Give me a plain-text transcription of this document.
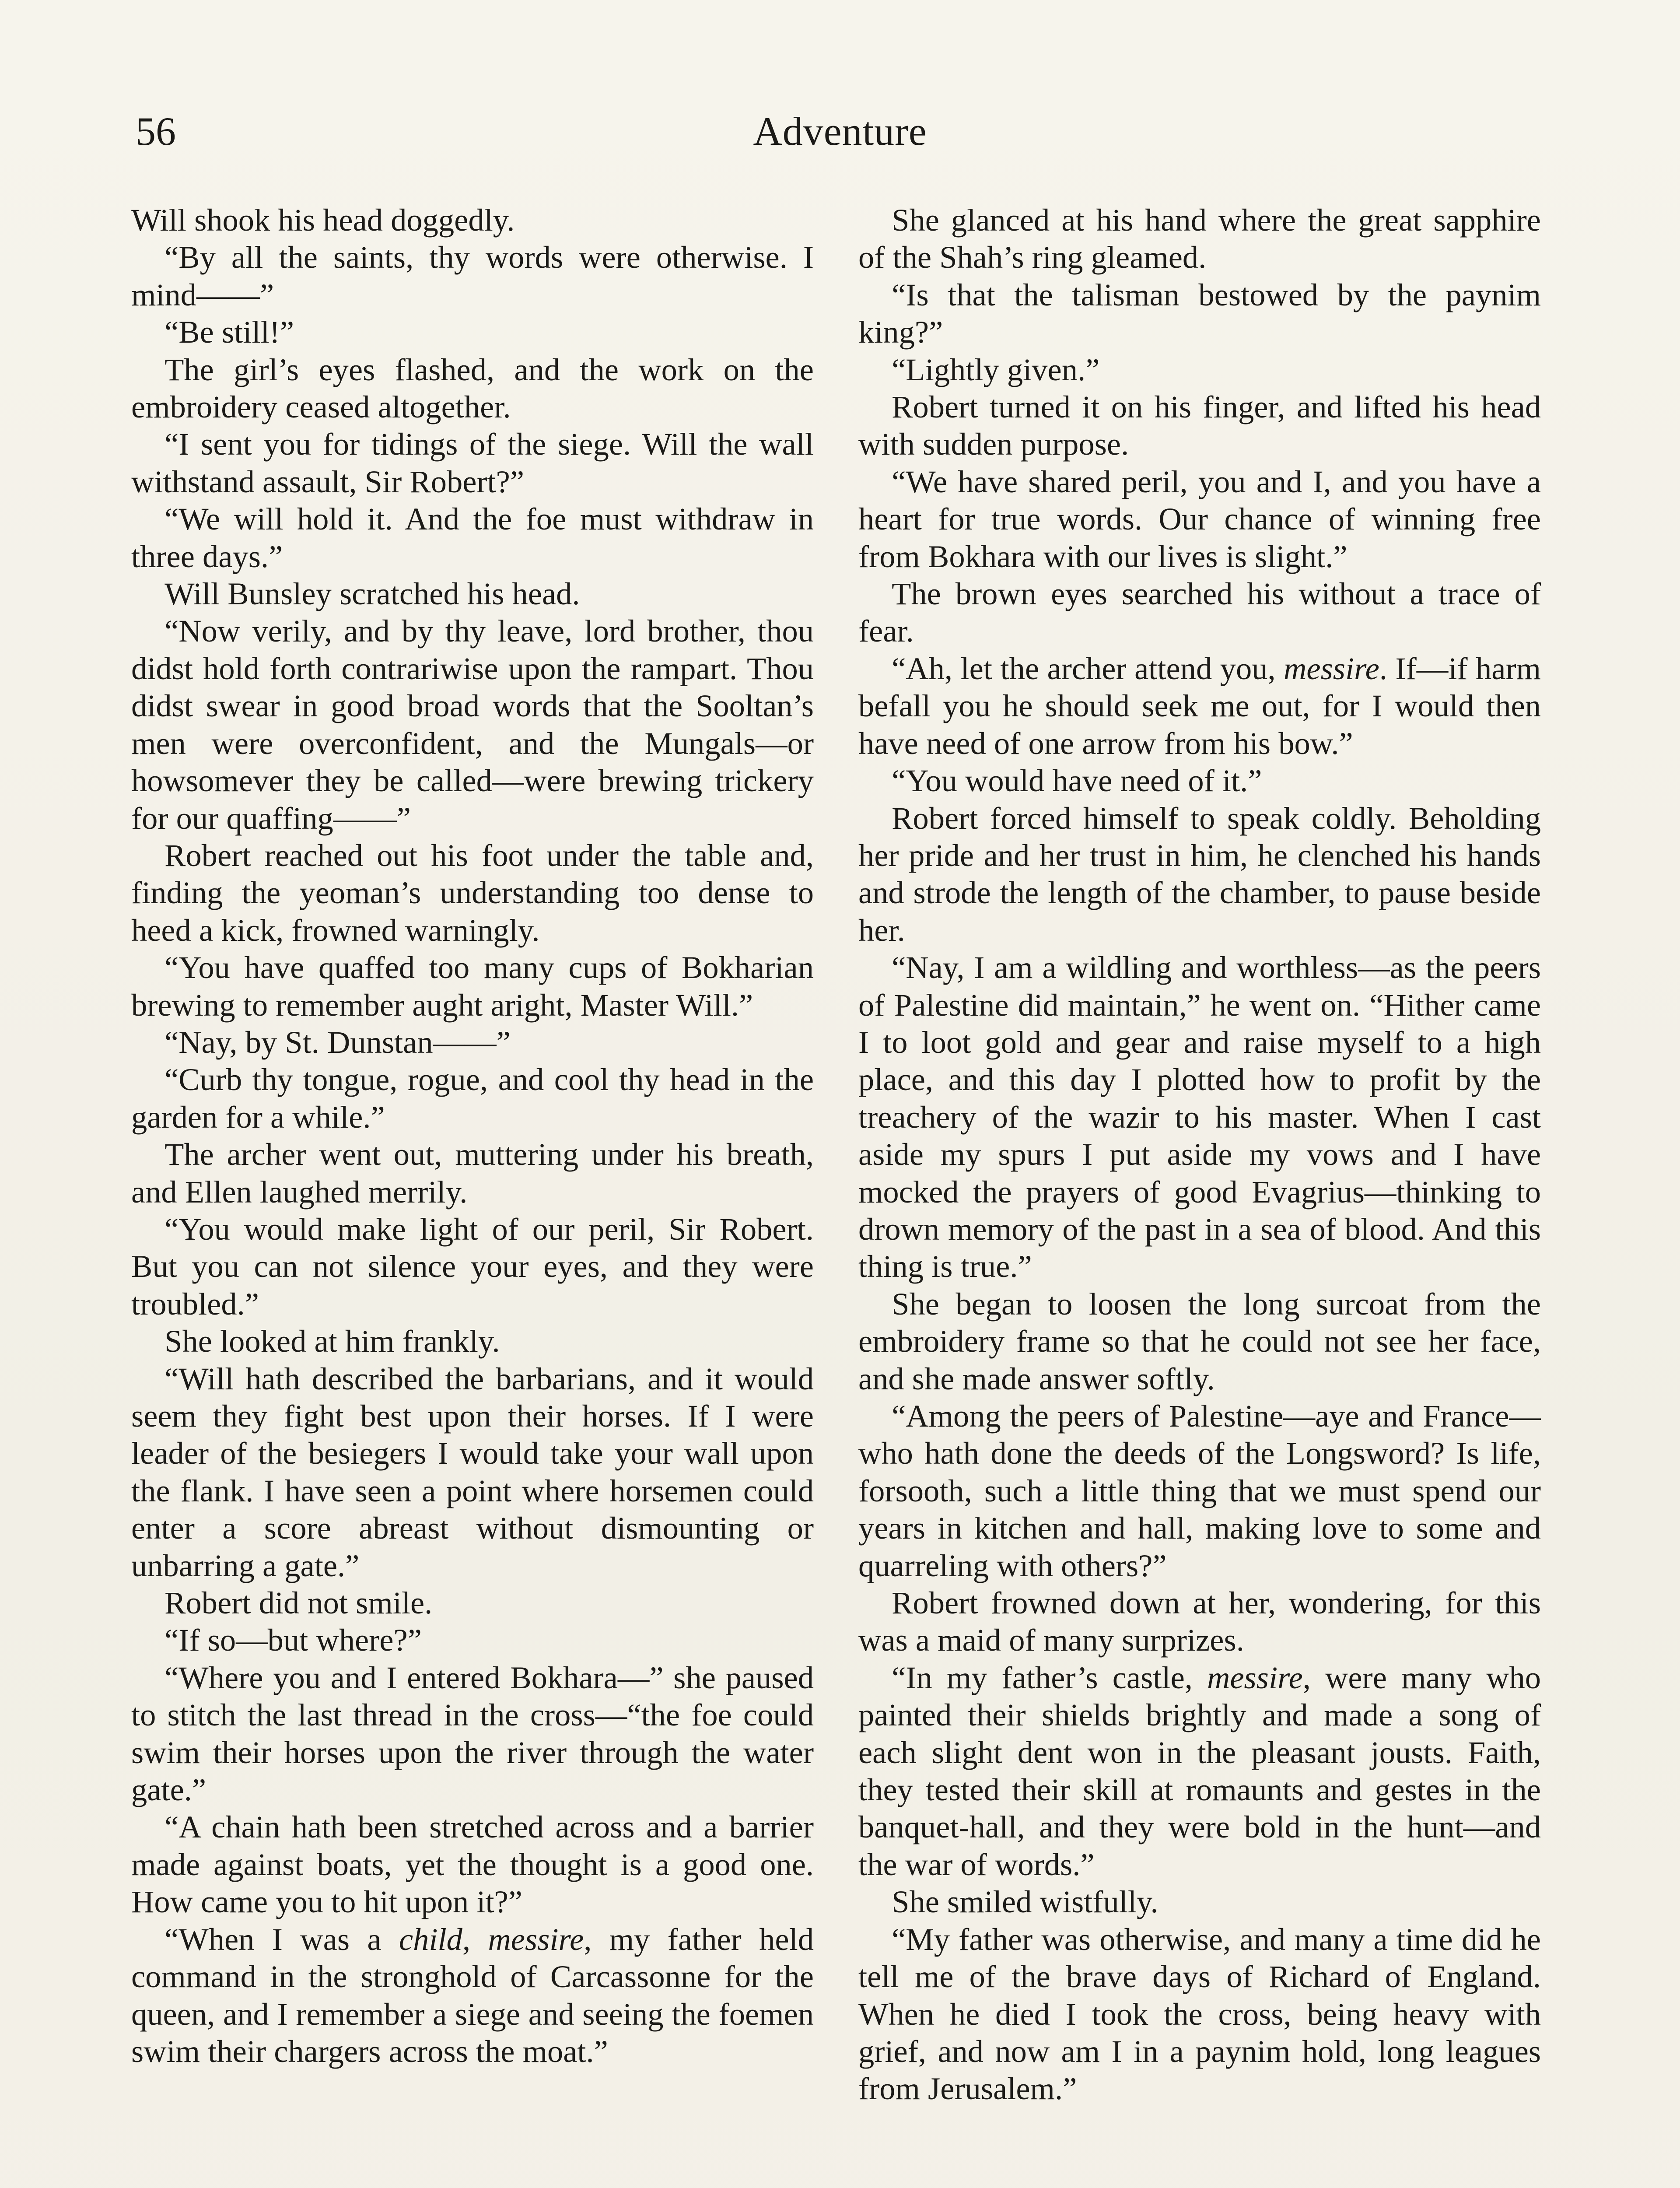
56	Adventure

Will shook his head doggedly.

“By all the saints, thy words were otherwise. I mind——”

“Be still!”

The girl’s eyes flashed, and the work on the embroidery ceased altogether.

“I sent you for tidings of the siege. Will the wall withstand assault, Sir Robert?”

“We will hold it. And the foe must withdraw in three days.”

Will Bunsley scratched his head.

“Now verily, and by thy leave, lord brother, thou didst hold forth contrariwise upon the rampart. Thou didst swear in good broad words that the Sooltan’s men were overconfident, and the Mungals—or howsomever they be called—were brewing trickery for our quaffing——”

Robert reached out his foot under the table and, finding the yeoman’s understanding too dense to heed a kick, frowned warningly.

“You have quaffed too many cups of Bokharian brewing to remember aught aright, Master Will.”

“Nay, by St. Dunstan——”

“Curb thy tongue, rogue, and cool thy head in the garden for a while.”

The archer went out, muttering under his breath, and Ellen laughed merrily.

“You would make light of our peril, Sir Robert. But you can not silence your eyes, and they were troubled.”

She looked at him frankly.

“Will hath described the barbarians, and it would seem they fight best upon their horses. If I were leader of the besiegers I would take your wall upon the flank. I have seen a point where horsemen could enter a score abreast without dismounting or unbarring a gate.”

Robert did not smile.

“If so—but where?”

“Where you and I entered Bokhara—” she paused to stitch the last thread in the cross—“the foe could swim their horses upon the river through the water gate.”

“A chain hath been stretched across and a barrier made against boats, yet the thought is a good one. How came you to hit upon it?”

“When I was a child, messire, my father held command in the stronghold of Carcassonne for the queen, and I remember a siege and seeing the foemen swim their chargers across the moat.”

She glanced at his hand where the great sapphire of the Shah’s ring gleamed.

“Is that the talisman bestowed by the paynim king?”

“Lightly given.”

Robert turned it on his finger, and lifted his head with sudden purpose.

“We have shared peril, you and I, and you have a heart for true words. Our chance of winning free from Bokhara with our lives is slight.”

The brown eyes searched his without a trace of fear.

“Ah, let the archer attend you, messire. If—if harm befall you he should seek me out, for I would then have need of one arrow from his bow.”

“You would have need of it.”

Robert forced himself to speak coldly. Beholding her pride and her trust in him, he clenched his hands and strode the length of the chamber, to pause beside her.

“Nay, I am a wildling and worthless—as the peers of Palestine did maintain,” he went on. “Hither came I to loot gold and gear and raise myself to a high place, and this day I plotted how to profit by the treachery of the wazir to his master. When I cast aside my spurs I put aside my vows and I have mocked the prayers of good Evagrius—thinking to drown memory of the past in a sea of blood. And this thing is true.”

She began to loosen the long surcoat from the embroidery frame so that he could not see her face, and she made answer softly.

“Among the peers of Palestine—aye and France—who hath done the deeds of the Longsword? Is life, forsooth, such a little thing that we must spend our years in kitchen and hall, making love to some and quarreling with others?”

Robert frowned down at her, wondering, for this was a maid of many surprizes.

“In my father’s castle, messire, were many who painted their shields brightly and made a song of each slight dent won in the pleasant jousts. Faith, they tested their skill at romaunts and gestes in the banquet-hall, and they were bold in the hunt—and the war of words.”

She smiled wistfully.

“My father was otherwise, and many a time did he tell me of the brave days of Richard of England. When he died I took the cross, being heavy with grief, and now am I in a paynim hold, long leagues from Jerusalem.”
